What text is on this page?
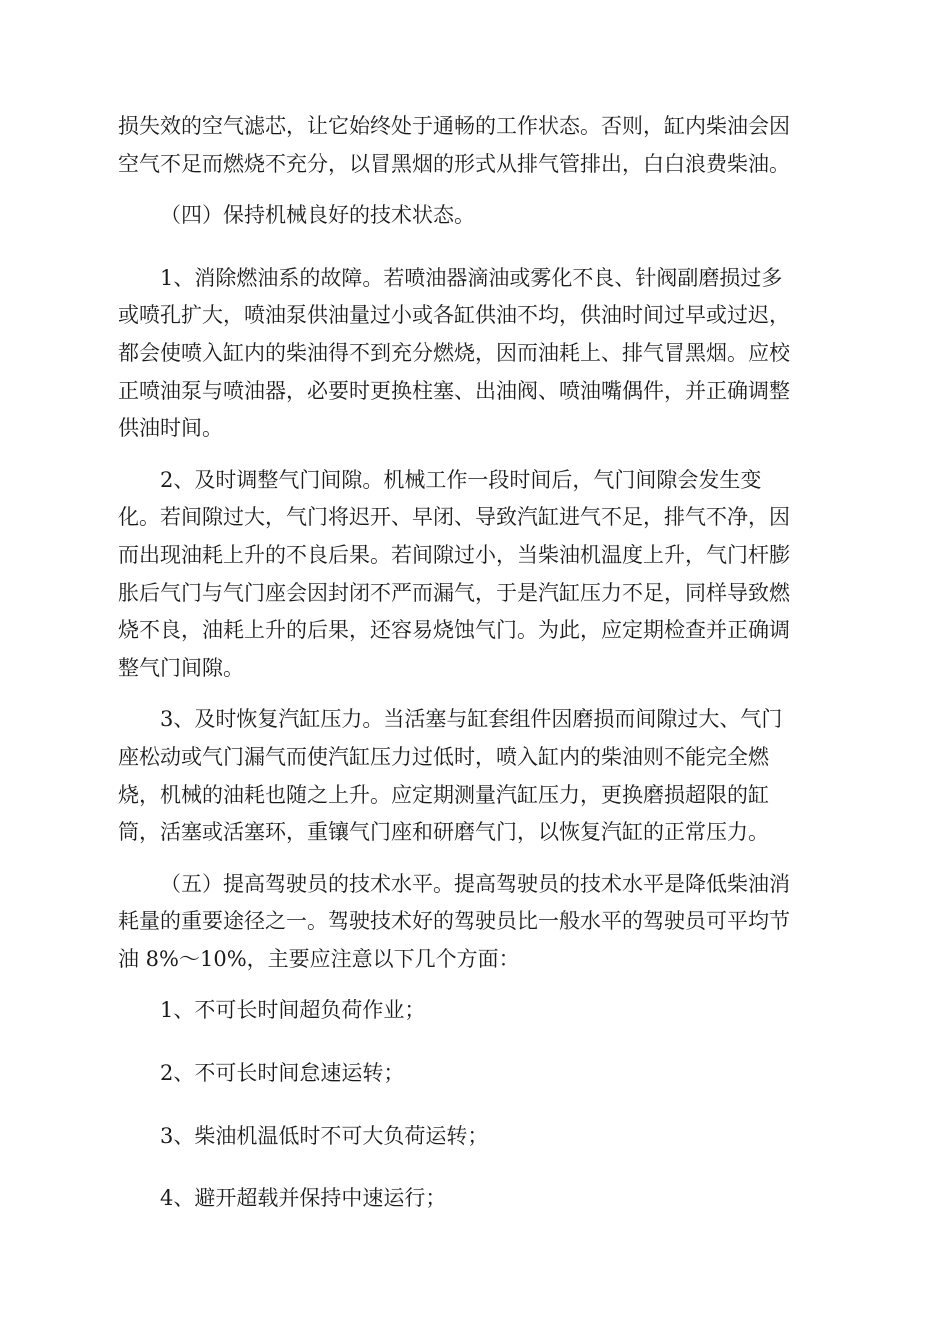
损失效的空气滤芯，让它始终处于通畅的工作状态。否则，缸内柴油会因
空气不足而燃烧不充分，以冒黑烟的形式从排气管排出，白白浪费柴油。

（四）保持机械良好的技术状态。

1、消除燃油系的故障。若喷油器滴油或雾化不良、针阀副磨损过多
或喷孔扩大，喷油泵供油量过小或各缸供油不均，供油时间过早或过迟，
都会使喷入缸内的柴油得不到充分燃烧，因而油耗上、排气冒黑烟。应校
正喷油泵与喷油器，必要时更换柱塞、出油阀、喷油嘴偶件，并正确调整
供油时间。

2、及时调整气门间隙。机械工作一段时间后，气门间隙会发生变
化。若间隙过大，气门将迟开、早闭、导致汽缸进气不足，排气不净，因
而出现油耗上升的不良后果。若间隙过小，当柴油机温度上升，气门杆膨
胀后气门与气门座会因封闭不严而漏气，于是汽缸压力不足，同样导致燃
烧不良，油耗上升的后果，还容易烧蚀气门。为此，应定期检查并正确调
整气门间隙。

3、及时恢复汽缸压力。当活塞与缸套组件因磨损而间隙过大、气门
座松动或气门漏气而使汽缸压力过低时，喷入缸内的柴油则不能完全燃
烧，机械的油耗也随之上升。应定期测量汽缸压力，更换磨损超限的缸
筒，活塞或活塞环，重镶气门座和研磨气门，以恢复汽缸的正常压力。

（五）提高驾驶员的技术水平。提高驾驶员的技术水平是降低柴油消
耗量的重要途径之一。驾驶技术好的驾驶员比一般水平的驾驶员可平均节
油 8%～10%，主要应注意以下几个方面：

1、不可长时间超负荷作业；

2、不可长时间怠速运转；

3、柴油机温低时不可大负荷运转；

4、避开超载并保持中速运行；
